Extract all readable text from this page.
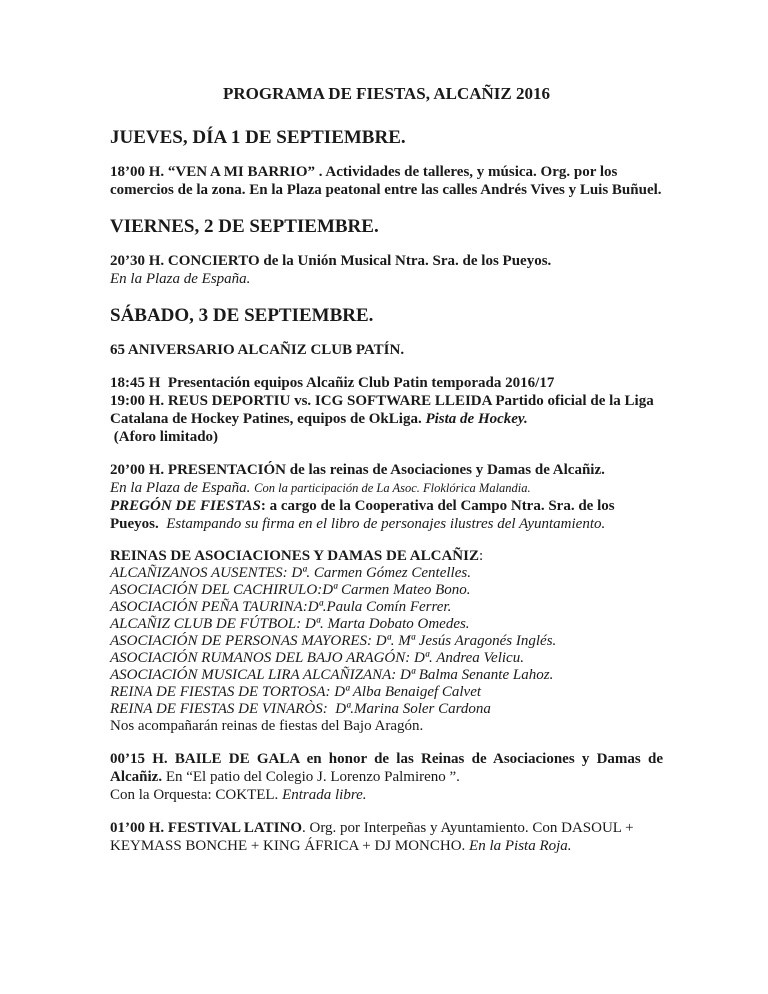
PROGRAMA DE FIESTAS, ALCAÑIZ 2016
JUEVES, DÍA 1 DE SEPTIEMBRE.

18’00 H. “VEN A MI BARRIO” . Actividades de talleres, y música. Org. por los comercios de la zona. En la Plaza peatonal entre las calles Andrés Vives y Luis Buñuel.

VIERNES, 2 DE SEPTIEMBRE.

20’30 H. CONCIERTO de la Unión Musical Ntra. Sra. de los Pueyos.
En la Plaza de España.

SÁBADO, 3 DE SEPTIEMBRE.

65 ANIVERSARIO ALCAÑIZ CLUB PATÍN.

18:45 H  Presentación equipos Alcañiz Club Patin temporada 2016/17
19:00 H. REUS DEPORTIU vs. ICG SOFTWARE LLEIDA Partido oficial de la Liga Catalana de Hockey Patines, equipos de OkLiga. Pista de Hockey.
(Aforo limitado)

20’00 H. PRESENTACIÓN de las reinas de Asociaciones y Damas de Alcañiz.
En la Plaza de España. Con la participación de La Asoc. Floklórica Malandia.
PREGÓN DE FIESTAS: a cargo de la Cooperativa del Campo Ntra. Sra. de los Pueyos.  Estampando su firma en el libro de personajes ilustres del Ayuntamiento.

REINAS DE ASOCIACIONES Y DAMAS DE ALCAÑIZ:
ALCAÑIZANOS AUSENTES: Dª. Carmen Gómez Centelles.
ASOCIACIÓN DEL CACHIRULO:Dª Carmen Mateo Bono.
ASOCIACIÓN PEÑA TAURINA:Dª.Paula Comín Ferrer.
ALCAÑIZ CLUB DE FÚTBOL: Dª. Marta Dobato Omedes.
ASOCIACIÓN DE PERSONAS MAYORES: Dª. Mª Jesús Aragonés Inglés.
ASOCIACIÓN RUMANOS DEL BAJO ARAGÓN: Dª. Andrea Velicu.
ASOCIACIÓN MUSICAL LIRA ALCAÑIZANA: Dª Balma Senante Lahoz.
REINA DE FIESTAS DE TORTOSA: Dª Alba Benaigef Calvet
REINA DE FIESTAS DE VINARÒS:  Dª.Marina Soler Cardona
Nos acompañarán reinas de fiestas del Bajo Aragón.

00’15 H. BAILE DE GALA en honor de las Reinas de Asociaciones y Damas de Alcañiz. En “El patio del Colegio J. Lorenzo Palmireno ”.
Con la Orquesta: COKTEL. Entrada libre.

01’00 H. FESTIVAL LATINO. Org. por Interpeñas y Ayuntamiento. Con DASOUL + KEYMASS BONCHE + KING ÁFRICA + DJ MONCHO. En la Pista Roja.
